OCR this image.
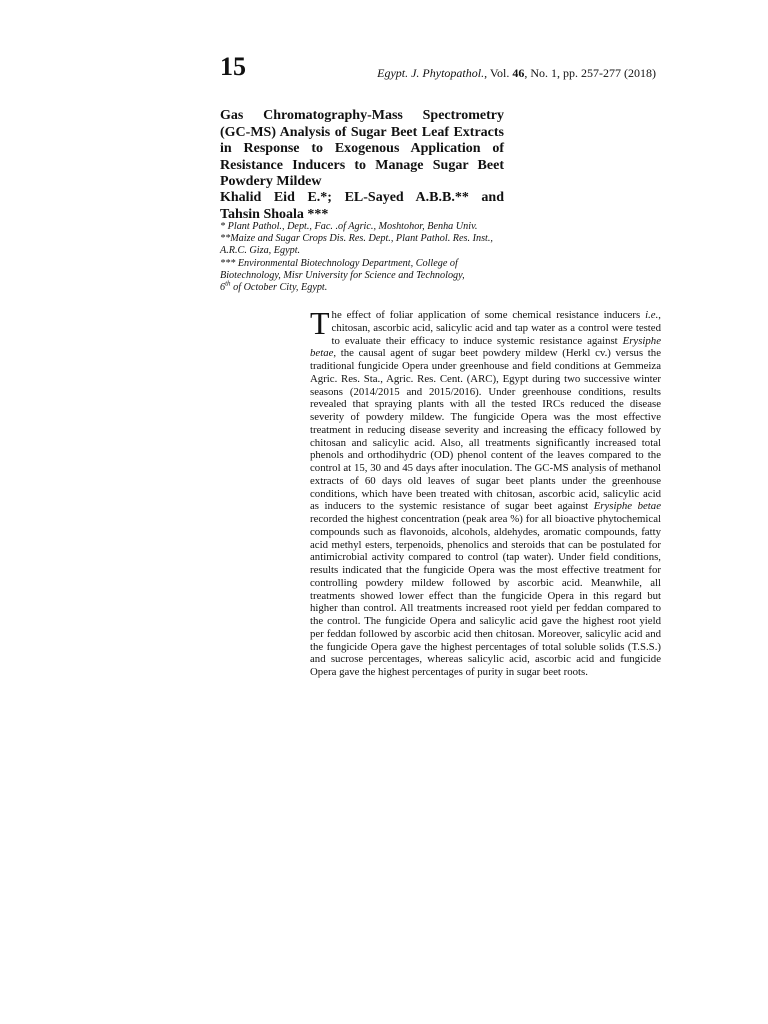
15	Egypt. J. Phytopathol., Vol. 46, No. 1, pp. 257-277 (2018)
Gas Chromatography-Mass Spectrometry (GC-MS) Analysis of Sugar Beet Leaf Extracts in Response to Exogenous Application of Resistance Inducers to Manage Sugar Beet Powdery Mildew
Khalid Eid E.*; EL-Sayed A.B.B.** and
Tahsin Shoala ***
* Plant Pathol., Dept., Fac. .of Agric., Moshtohor, Benha Univ.
**Maize and Sugar Crops Dis. Res. Dept., Plant Pathol. Res. Inst., A.R.C. Giza, Egypt.
*** Environmental Biotechnology Department, College of Biotechnology, Misr University for Science and Technology,
6th of October City, Egypt.

The effect of foliar application of some chemical resistance inducers i.e., chitosan, ascorbic acid, salicylic acid and tap water as a control were tested to evaluate their efficacy to induce systemic resistance against Erysiphe betae, the causal agent of sugar beet powdery mildew (Herkl cv.) versus the traditional fungicide Opera under greenhouse and field conditions at Gemmeiza Agric. Res. Sta., Agric. Res. Cent. (ARC), Egypt during two successive winter seasons (2014/2015 and 2015/2016). Under greenhouse conditions, results revealed that spraying plants with all the tested IRCs reduced the disease severity of powdery mildew. The fungicide Opera was the most effective treatment in reducing disease severity and increasing the efficacy followed by chitosan and salicylic acid. Also, all treatments significantly increased total phenols and orthodihydric (OD) phenol content of the leaves compared to the control at 15, 30 and 45 days after inoculation. The GC-MS analysis of methanol extracts of 60 days old leaves of sugar beet plants under the greenhouse conditions, which have been treated with chitosan, ascorbic acid, salicylic acid as inducers to the systemic resistance of sugar beet against Erysiphe betae recorded the highest concentration (peak area %) for all bioactive phytochemical compounds such as flavonoids, alcohols, aldehydes, aromatic compounds, fatty acid methyl esters, terpenoids, phenolics and steroids that can be postulated for antimicrobial activity compared to control (tap water). Under field conditions, results indicated that the fungicide Opera was the most effective treatment for controlling powdery mildew followed by ascorbic acid. Meanwhile, all treatments showed lower effect than the fungicide Opera in this regard but higher than control. All treatments increased root yield per feddan compared to the control. The fungicide Opera and salicylic acid gave the highest root yield per feddan followed by ascorbic acid then chitosan. Moreover, salicylic acid and the fungicide Opera gave the highest percentages of total soluble solids (T.S.S.) and sucrose percentages, whereas salicylic acid, ascorbic acid and fungicide Opera gave the highest percentages of purity in sugar beet roots.
